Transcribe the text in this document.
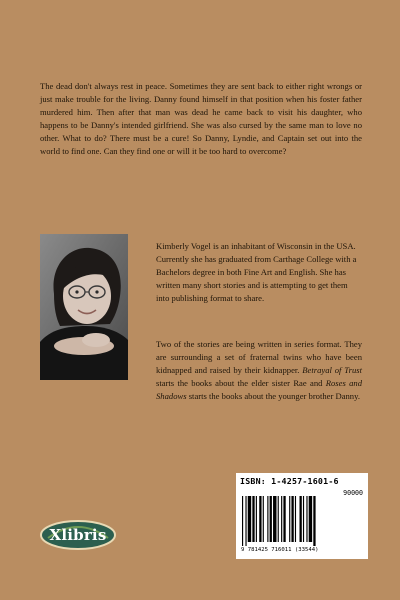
The dead don't always rest in peace. Sometimes they are sent back to either right wrongs or just make trouble for the living. Danny found himself in that position when his foster father murdered him. Then after that man was dead he came back to visit his daughter, who happens to be Danny's intended girlfriend. She was also cursed by the same man to love no other. What to do? There must be a cure! So Danny, Lyndie, and Captain set out into the world to find one. Can they find one or will it be too hard to overcome?

Kimberly Vogel is an inhabitant of Wisconsin in the USA. Currently she has graduated from Carthage College with a Bachelors degree in both Fine Art and English. She has written many short stories and is attempting to get them into publishing format to share.

Two of the stories are being written in series format. They are surrounding a set of fraternal twins who have been kidnapped and raised by their kidnapper. Betrayal of Trust starts the books about the elder sister Rae and Roses and Shadows starts the books about the younger brother Danny.

ISBN: 1-4257-1601-6
90000
9 781425 716011 (33544)
Xlibris
